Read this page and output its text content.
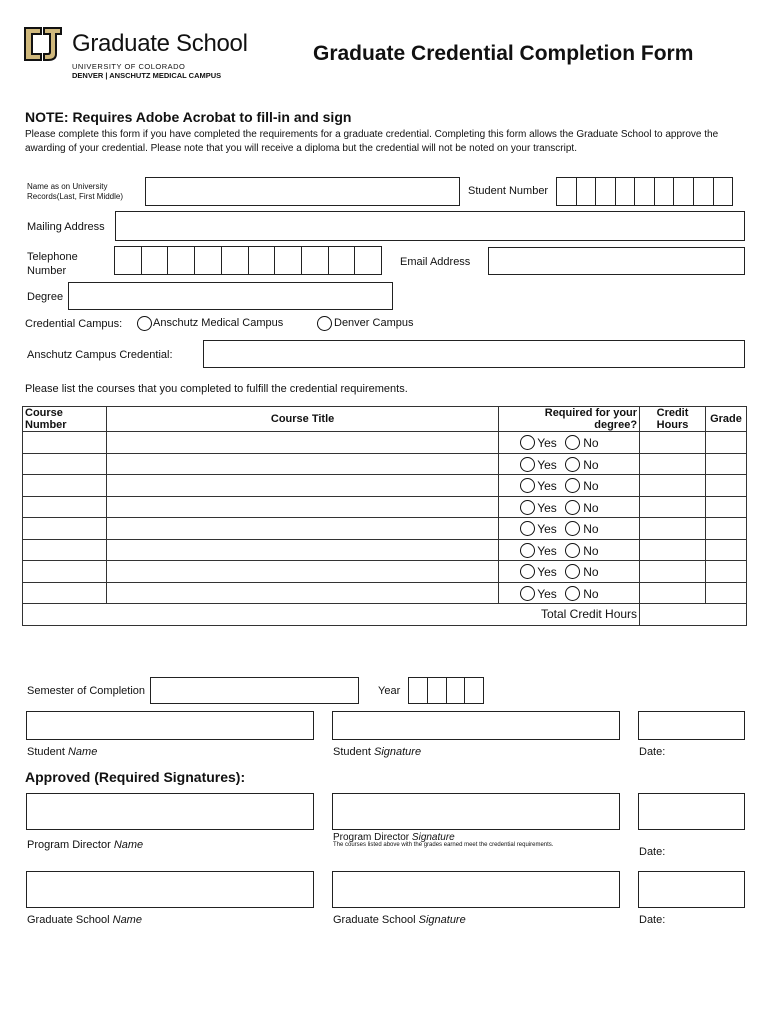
Graduate School
UNIVERSITY OF COLORADO
DENVER | ANSCHUTZ MEDICAL CAMPUS
Graduate Credential Completion Form
NOTE: Requires Adobe Acrobat to fill-in and sign
Please complete this form if you have completed the requirements for a graduate credential. Completing this form allows the Graduate School to approve the awarding of your credential. Please note that you will receive a diploma but the credential will not be noted on your transcript.
Name as on University
Records(Last, First Middle)	Student Number
Mailing Address
Telephone
Number
Email Address
Degree
Credential Campus:	Anschutz Medical Campus	Denver Campus
Anschutz Campus Credential:
Please list the courses that you completed to fulfill the credential requirements.
Course Number	Course Title	Required for your degree?	Credit Hours	Grade

		Yes No		

		Yes No		

		Yes No		

		Yes No		

		Yes No		

		Yes No		

		Yes No		

		Yes No		

Total Credit Hours				
Semester of Completion	Year
Student Name	Student Signature	Date:
Approved (Required Signatures):
Program Director Name
Program Director Signature
The courses listed above with the grades earned meet the credential requirements.
Date:
Graduate School Name	Graduate School Signature	Date:
